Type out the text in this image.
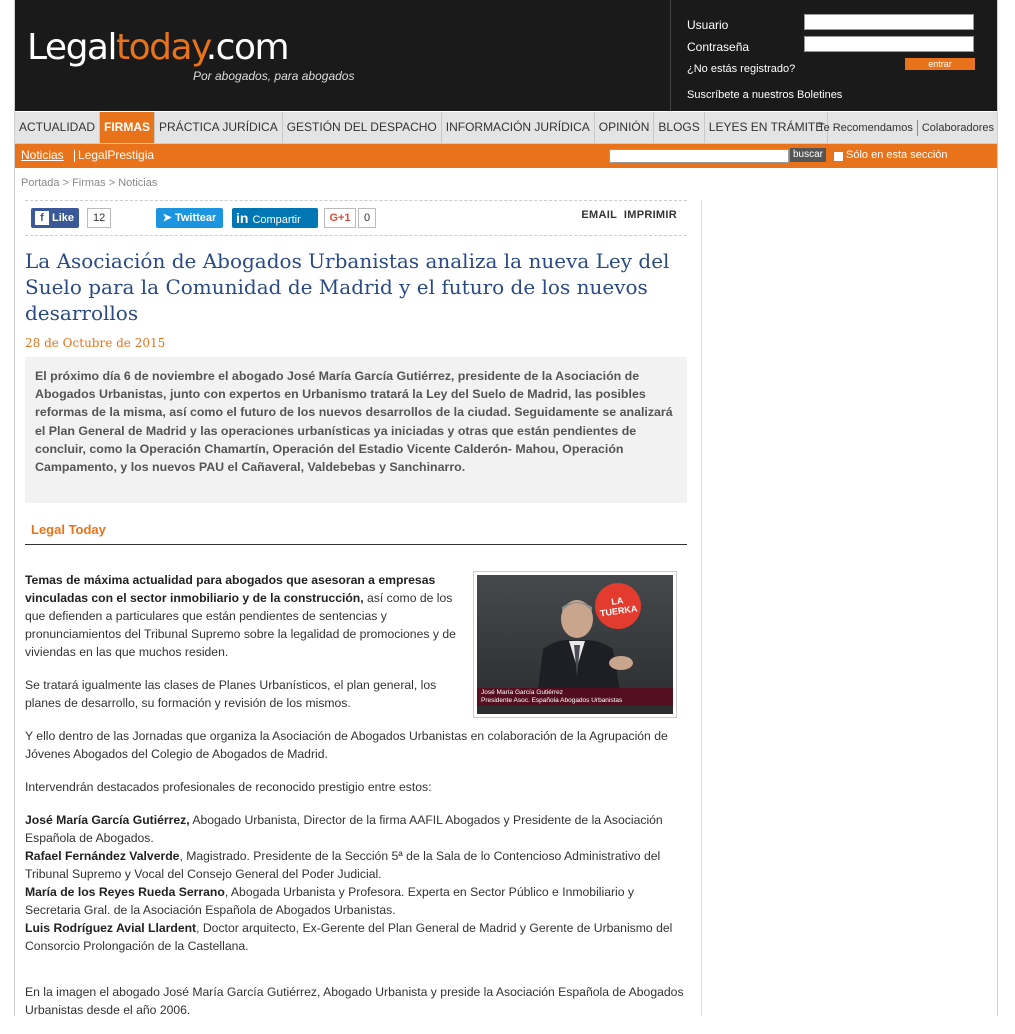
Legaltoday.com
Por abogados, para abogados
Usuario
Contraseña
entrar
¿No estás registrado?
Suscríbete a nuestros Boletines
ACTUALIDAD FIRMAS PRÁCTICA JURÍDICA GESTIÓN DEL DESPACHO INFORMACIÓN JURÍDICA OPINIÓN BLOGS LEYES EN TRÁMITE
Te Recomendamos Colaboradores
Noticias LegalPrestigia	buscar Sólo en esta sección
Portada > Firmas > Noticias
f Like	12	➤ Twittear	in Compartir	G+1	0	EMAIL IMPRIMIR
La Asociación de Abogados Urbanistas analiza la nueva Ley del Suelo para la Comunidad de Madrid y el futuro de los nuevos desarrollos
28 de Octubre de 2015
El próximo día 6 de noviembre el abogado José María García Gutiérrez, presidente de la Asociación de Abogados Urbanistas, junto con expertos en Urbanismo tratará la Ley del Suelo de Madrid, las posibles reformas de la misma, así como el futuro de los nuevos desarrollos de la ciudad. Seguidamente se analizará el Plan General de Madrid y las operaciones urbanísticas ya iniciadas y otras que están pendientes de concluir, como la Operación Chamartín, Operación del Estadio Vicente Calderón- Mahou, Operación Campamento, y los nuevos PAU el Cañaveral, Valdebebas y Sanchinarro.
Legal Today
LA TUERKA
José María García Gutiérrez
Presidente Asoc. Española Abogados Urbanistas

Temas de máxima actualidad para abogados que asesoran a empresas vinculadas con el sector inmobiliario y de la construcción, así como de los que defienden a particulares que están pendientes de sentencias y pronunciamientos del Tribunal Supremo sobre la legalidad de promociones y de viviendas en las que muchos residen.

Se tratará igualmente las clases de Planes Urbanísticos, el plan general, los planes de desarrollo, su formación y revisión de los mismos.

Y ello dentro de las Jornadas que organiza la Asociación de Abogados Urbanistas en colaboración de la Agrupación de Jóvenes Abogados del Colegio de Abogados de Madrid.

Intervendrán destacados profesionales de reconocido prestigio entre estos:

José María García Gutiérrez, Abogado Urbanista, Director de la firma AAFIL Abogados y Presidente de la Asociación Española de Abogados.

Rafael Fernández Valverde, Magistrado. Presidente de la Sección 5ª de la Sala de lo Contencioso Administrativo del Tribunal Supremo y Vocal del Consejo General del Poder Judicial.

María de los Reyes Rueda Serrano, Abogada Urbanista y Profesora. Experta en Sector Público e Inmobiliario y Secretaria Gral. de la Asociación Española de Abogados Urbanistas.

Luis Rodríguez Avial Llardent, Doctor arquitecto, Ex-Gerente del Plan General de Madrid y Gerente de Urbanismo del Consorcio Prolongación de la Castellana.

En la imagen el abogado José María García Gutiérrez, Abogado Urbanista y preside la Asociación Española de Abogados Urbanistas desde el año 2006.
